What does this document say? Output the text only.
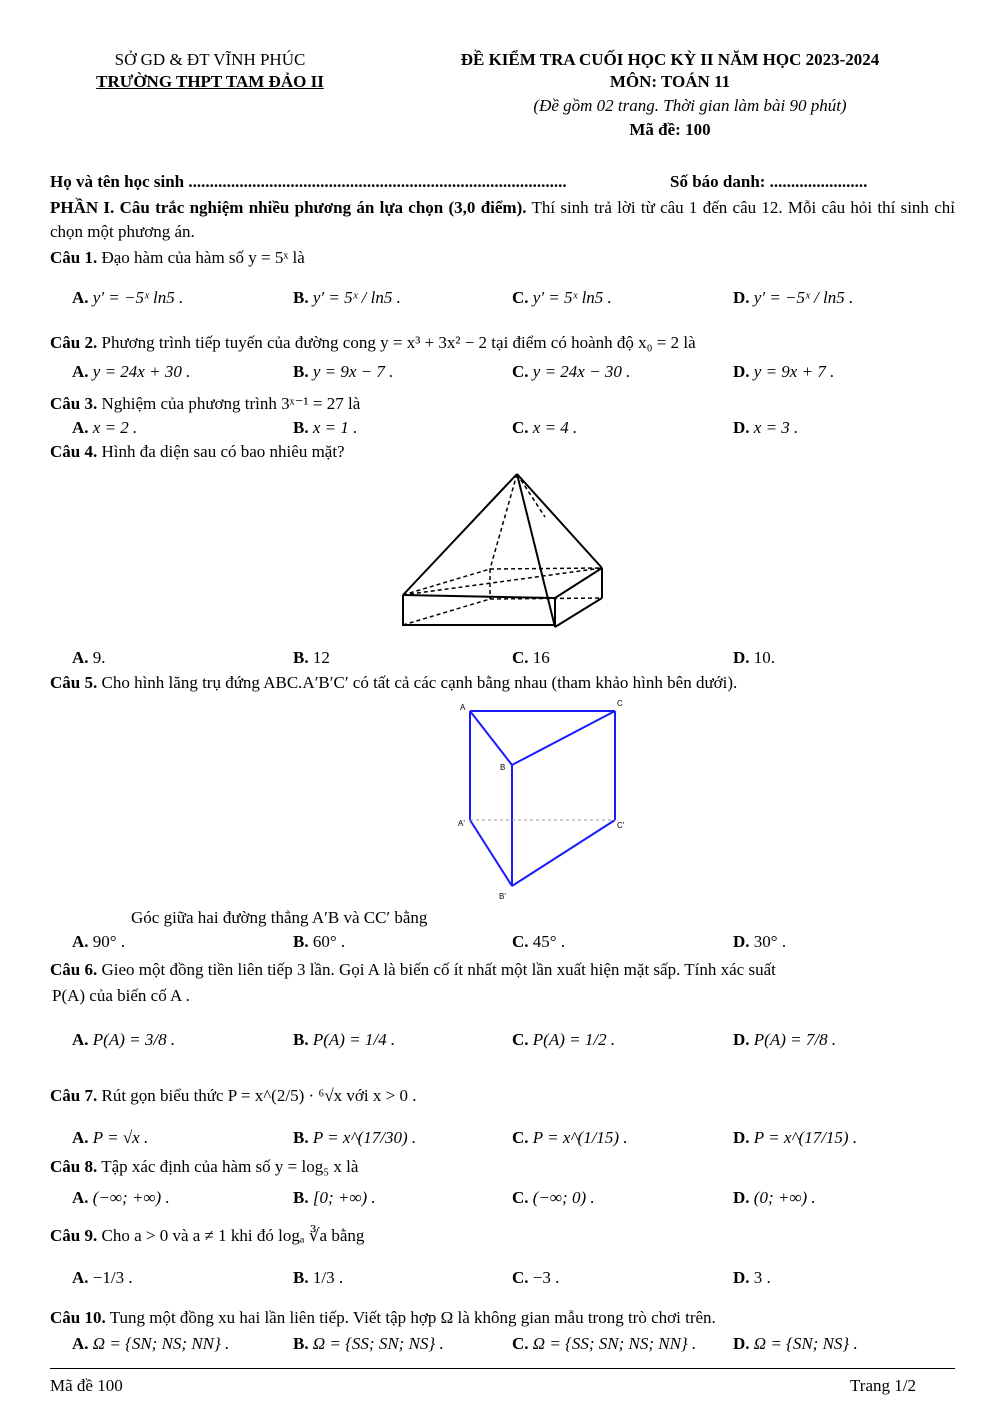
SỞ GD & ĐT VĨNH PHÚC
TRƯỜNG THPT TAM ĐẢO II
ĐỀ KIỂM TRA CUỐI HỌC KỲ II NĂM HỌC 2023-2024
MÔN: TOÁN 11
(Đề gồm 02 trang. Thời gian làm bài 90 phút)
Mã đề: 100
Họ và tên học sinh .........................................................................................	Số báo danh: .......................
PHẦN I. Câu trắc nghiệm nhiều phương án lựa chọn (3,0 điểm). Thí sinh trả lời từ câu 1 đến câu 12. Mỗi câu hỏi thí sinh chỉ chọn một phương án.
Câu 1. Đạo hàm của hàm số y = 5ˣ là
A. y′ = −5ˣ ln5 .	B. y′ = 5ˣ / ln5 .	C. y′ = 5ˣ ln5 .	D. y′ = −5ˣ / ln5 .
Câu 2. Phương trình tiếp tuyến của đường cong y = x³ + 3x² − 2 tại điểm có hoành độ x₀ = 2 là
A. y = 24x + 30 .	B. y = 9x − 7 .	C. y = 24x − 30 .	D. y = 9x + 7 .
Câu 3. Nghiệm của phương trình 3ˣ⁻¹ = 27 là
A. x = 2 .	B. x = 1 .	C. x = 4 .	D. x = 3 .
Câu 4. Hình đa diện sau có bao nhiêu mặt?
A. 9.	B. 12	C. 16	D. 10.
Câu 5. Cho hình lăng trụ đứng ABC.A′B′C′ có tất cả các cạnh bằng nhau (tham khảo hình bên dưới).
A	C
B
A'	C'
B'
Góc giữa hai đường thẳng A′B và CC′ bằng
A. 90° .	B. 60° .	C. 45° .	D. 30° .
Câu 6. Gieo một đồng tiền liên tiếp 3 lần. Gọi A là biến cố ít nhất một lần xuất hiện mặt sấp. Tính xác suất
P(A) của biến cố A .
A. P(A) = 3/8 .	B. P(A) = 1/4 .	C. P(A) = 1/2 .	D. P(A) = 7/8 .
Câu 7. Rút gọn biểu thức P = x^(2/5) · ⁶√x với x > 0 .
A. P = √x .	B. P = x^(17/30) .	C. P = x^(1/15) .	D. P = x^(17/15) .
Câu 8. Tập xác định của hàm số y = log₅ x là
A. (−∞; +∞) .	B. [0; +∞) .	C. (−∞; 0) .	D. (0; +∞) .
Câu 9. Cho a > 0 và a ≠ 1 khi đó logₐ ∛a bằng
A. −1/3 .	B. 1/3 .	C. −3 .	D. 3 .
Câu 10. Tung một đồng xu hai lần liên tiếp. Viết tập hợp Ω là không gian mẫu trong trò chơi trên.
A. Ω = {SN; NS; NN} .	B. Ω = {SS; SN; NS} .	C. Ω = {SS; SN; NS; NN} . D. Ω = {SN; NS} .
Mã đề 100	Trang 1/2
